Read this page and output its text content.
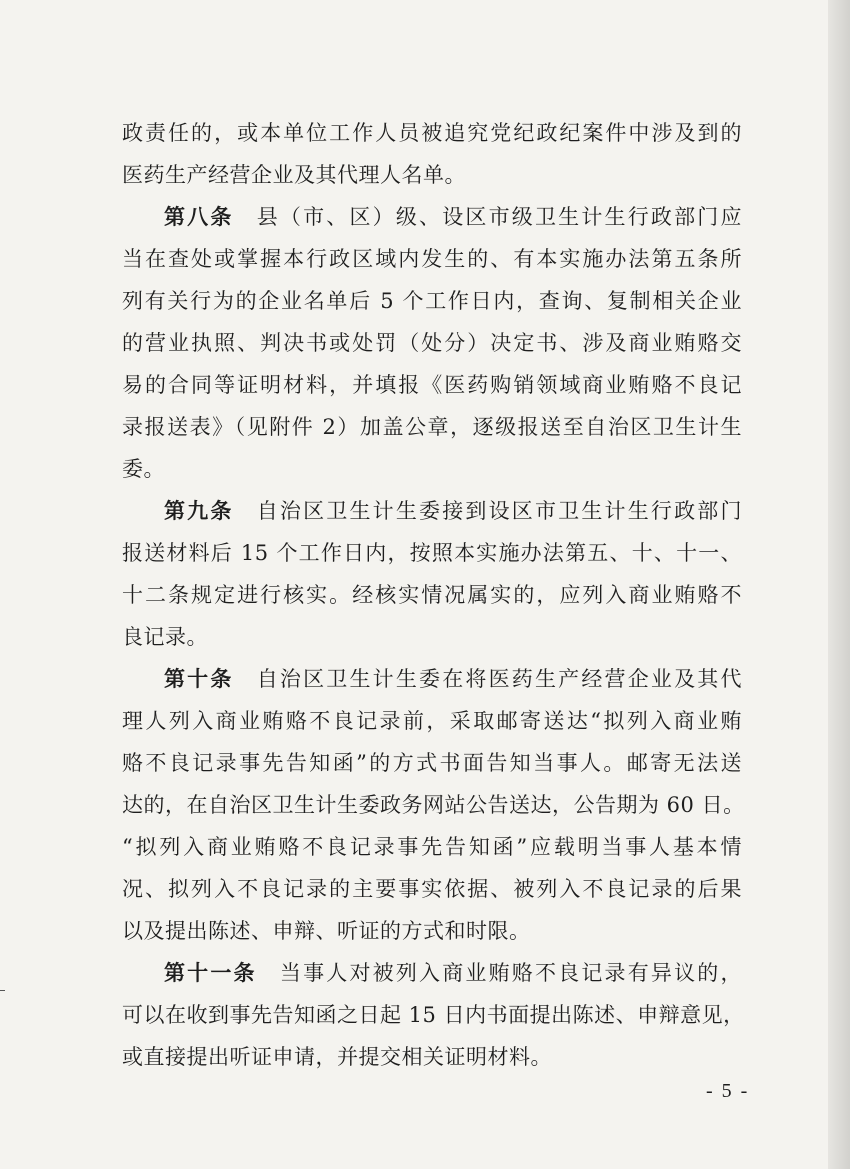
政责任的，或本单位工作人员被追究党纪政纪案件中涉及到的
医药生产经营企业及其代理人名单。
第八条　县（市、区）级、设区市级卫生计生行政部门应
当在查处或掌握本行政区域内发生的、有本实施办法第五条所
列有关行为的企业名单后 5 个工作日内，查询、复制相关企业
的营业执照、判决书或处罚（处分）决定书、涉及商业贿赂交
易的合同等证明材料，并填报《医药购销领域商业贿赂不良记
录报送表》（见附件 2）加盖公章，逐级报送至自治区卫生计生
委。
第九条　自治区卫生计生委接到设区市卫生计生行政部门
报送材料后 15 个工作日内，按照本实施办法第五、十、十一、
十二条规定进行核实。经核实情况属实的，应列入商业贿赂不
良记录。
第十条　自治区卫生计生委在将医药生产经营企业及其代
理人列入商业贿赂不良记录前，采取邮寄送达“拟列入商业贿
赂不良记录事先告知函”的方式书面告知当事人。邮寄无法送
达的，在自治区卫生计生委政务网站公告送达，公告期为 60 日。
“拟列入商业贿赂不良记录事先告知函”应载明当事人基本情
况、拟列入不良记录的主要事实依据、被列入不良记录的后果
以及提出陈述、申辩、听证的方式和时限。
第十一条　当事人对被列入商业贿赂不良记录有异议的，
可以在收到事先告知函之日起 15 日内书面提出陈述、申辩意见，
或直接提出听证申请，并提交相关证明材料。
- 5 -
